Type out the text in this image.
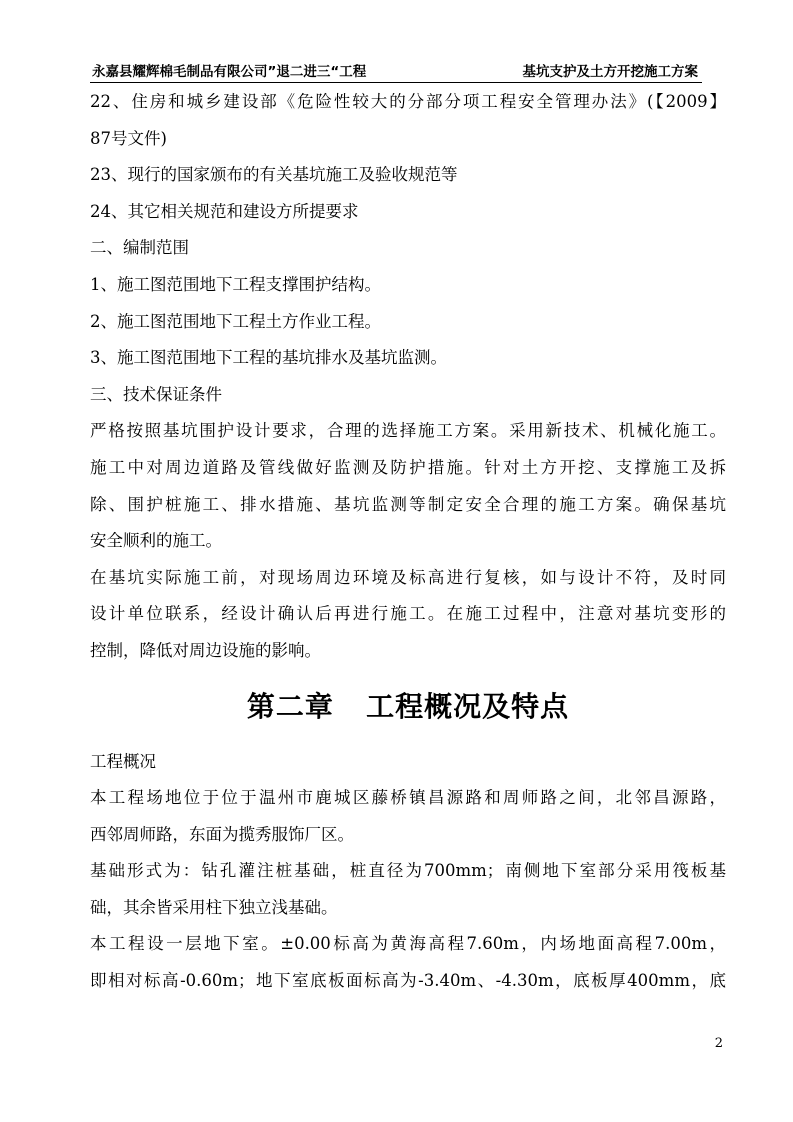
永嘉县耀辉棉毛制品有限公司”退二进三“工程	基坑支护及土方开挖施工方案
22、住房和城乡建设部《危险性较大的分部分项工程安全管理办法》(【2009】
87号文件)
23、现行的国家颁布的有关基坑施工及验收规范等
24、其它相关规范和建设方所提要求
二、编制范围
1、施工图范围地下工程支撑围护结构。
2、施工图范围地下工程土方作业工程。
3、施工图范围地下工程的基坑排水及基坑监测。
三、技术保证条件
严格按照基坑围护设计要求，合理的选择施工方案。采用新技术、机械化施工。
施工中对周边道路及管线做好监测及防护措施。针对土方开挖、支撑施工及拆
除、围护桩施工、排水措施、基坑监测等制定安全合理的施工方案。确保基坑
安全顺利的施工。
在基坑实际施工前，对现场周边环境及标高进行复核，如与设计不符，及时同
设计单位联系，经设计确认后再进行施工。在施工过程中，注意对基坑变形的
控制，降低对周边设施的影响。
第二章   工程概况及特点
工程概况
本工程场地位于位于温州市鹿城区藤桥镇昌源路和周师路之间，北邻昌源路，
西邻周师路，东面为揽秀服饰厂区。
基础形式为：钻孔灌注桩基础，桩直径为700mm；南侧地下室部分采用筏板基
础，其余皆采用柱下独立浅基础。
本工程设一层地下室。±0.00标高为黄海高程7.60m，内场地面高程7.00m，
即相对标高-0.60m；地下室底板面标高为-3.40m、-4.30m，底板厚400mm，底
2
